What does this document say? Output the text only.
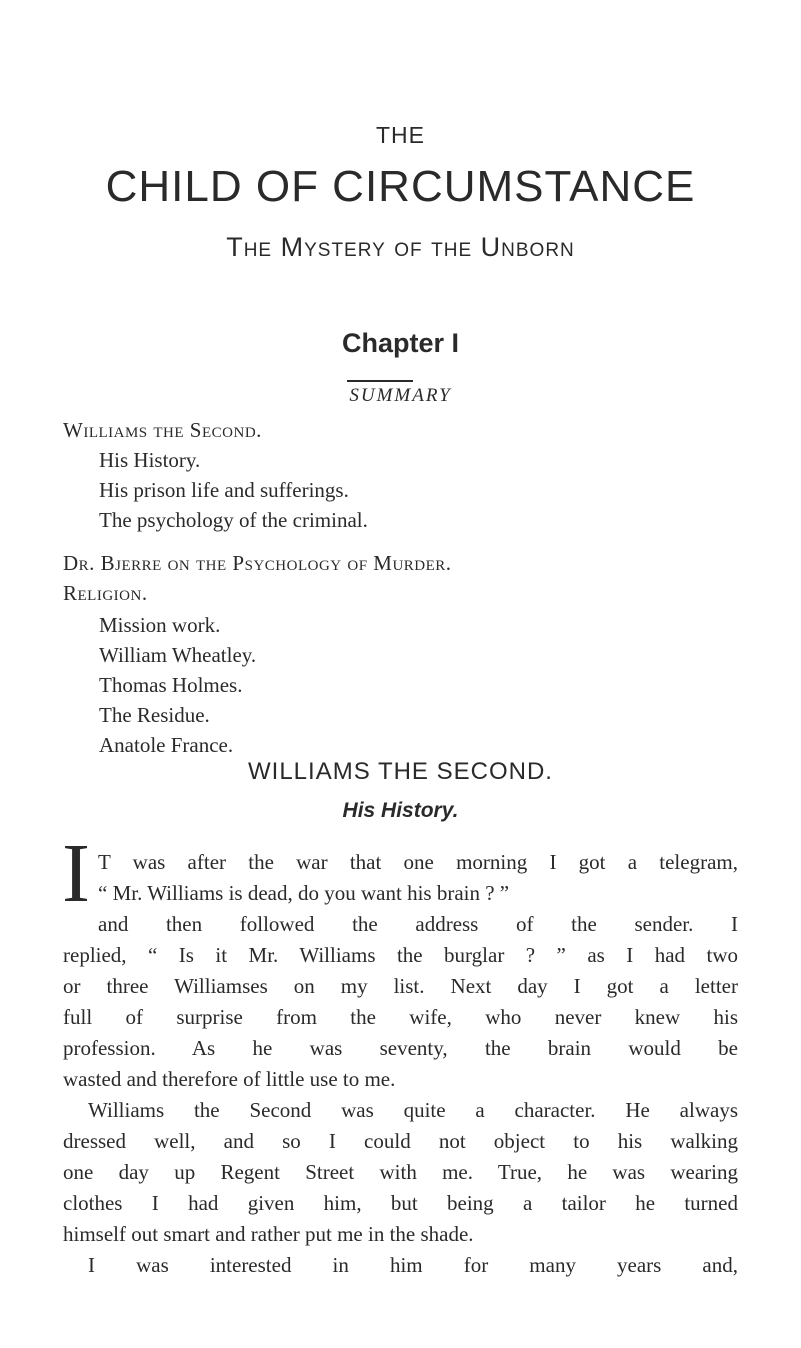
THE
CHILD OF CIRCUMSTANCE
The Mystery of the Unborn
Chapter I
SUMMARY
Williams the Second.
His History.
His prison life and sufferings.
The psychology of the criminal.
Dr. Bjerre on the Psychology of Murder.
Religion.
Mission work.
William Wheatley.
Thomas Holmes.
The Residue.
Anatole France.
WILLIAMS THE SECOND.
His History.
I T was after the war that one morning I got a telegram,
“ Mr. Williams is dead, do you want his brain ? ”
and then followed the address of the sender. I
replied, “ Is it Mr. Williams the burglar ? ” as I had two
or three Williamses on my list. Next day I got a letter
full of surprise from the wife, who never knew his
profession. As he was seventy, the brain would be
wasted and therefore of little use to me.
Williams the Second was quite a character. He always
dressed well, and so I could not object to his walking
one day up Regent Street with me. True, he was wearing
clothes I had given him, but being a tailor he turned
himself out smart and rather put me in the shade.
I was interested in him for many years and,
